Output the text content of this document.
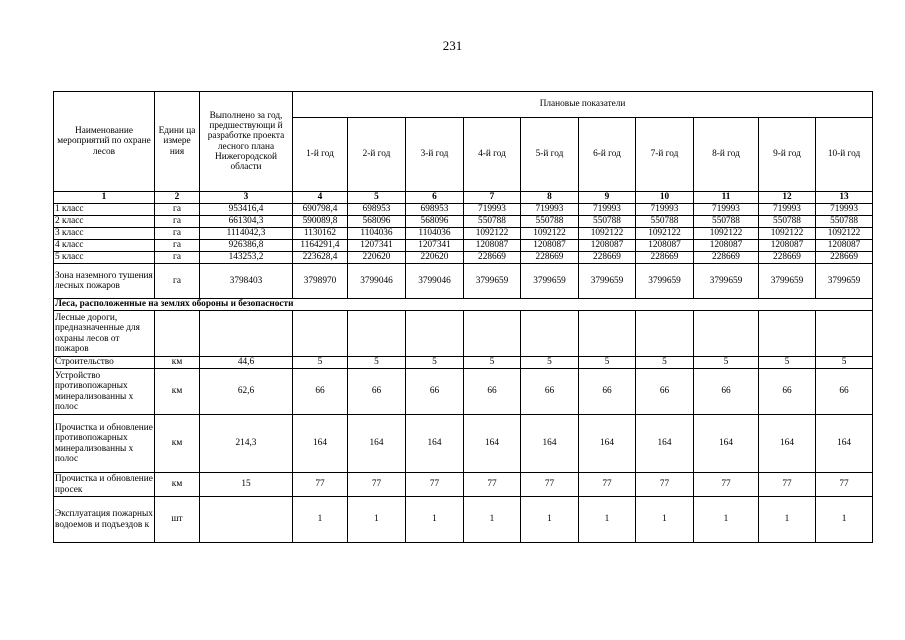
231
Наименование мероприятий по охране лесов	Едини ца измере ния	Выполнено за год, предшествующи й разработке проекта лесного плана Нижегородской области	Плановые показатели									
			1-й год	2-й год	3-й год	4-й год	5-й год	6-й год	7-й год	8-й год	9-й год	10-й год
1	2	3	4	5	6	7	8	9	10	11	12	13
1 класс	га	953416,4	690798,4	698953	698953	719993	719993	719993	719993	719993	719993	719993
2 класс	га	661304,3	590089,8	568096	568096	550788	550788	550788	550788	550788	550788	550788
3 класс	га	1114042,3	1130162	1104036	1104036	1092122	1092122	1092122	1092122	1092122	1092122	1092122
4 класс	га	926386,8	1164291,4	1207341	1207341	1208087	1208087	1208087	1208087	1208087	1208087	1208087
5 класс	га	143253,2	223628,4	220620	220620	228669	228669	228669	228669	228669	228669	228669
Зона наземного тушения лесных пожаров	га	3798403	3798970	3799046	3799046	3799659	3799659	3799659	3799659	3799659	3799659	3799659
Леса, расположенные на землях обороны и безопасности												
Лесные дороги, предназначенные для охраны лесов от пожаров												
Строительство	км	44,6	5	5	5	5	5	5	5	5	5	5
Устройство противопожарных минерализованны х полос	км	62,6	66	66	66	66	66	66	66	66	66	66
Прочистка и обновление противопожарных минерализованны х полос	км	214,3	164	164	164	164	164	164	164	164	164	164
Прочистка и обновление просек	км	15	77	77	77	77	77	77	77	77	77	77
Эксплуатация пожарных водоемов и подъездов к	шт		1	1	1	1	1	1	1	1	1	1
